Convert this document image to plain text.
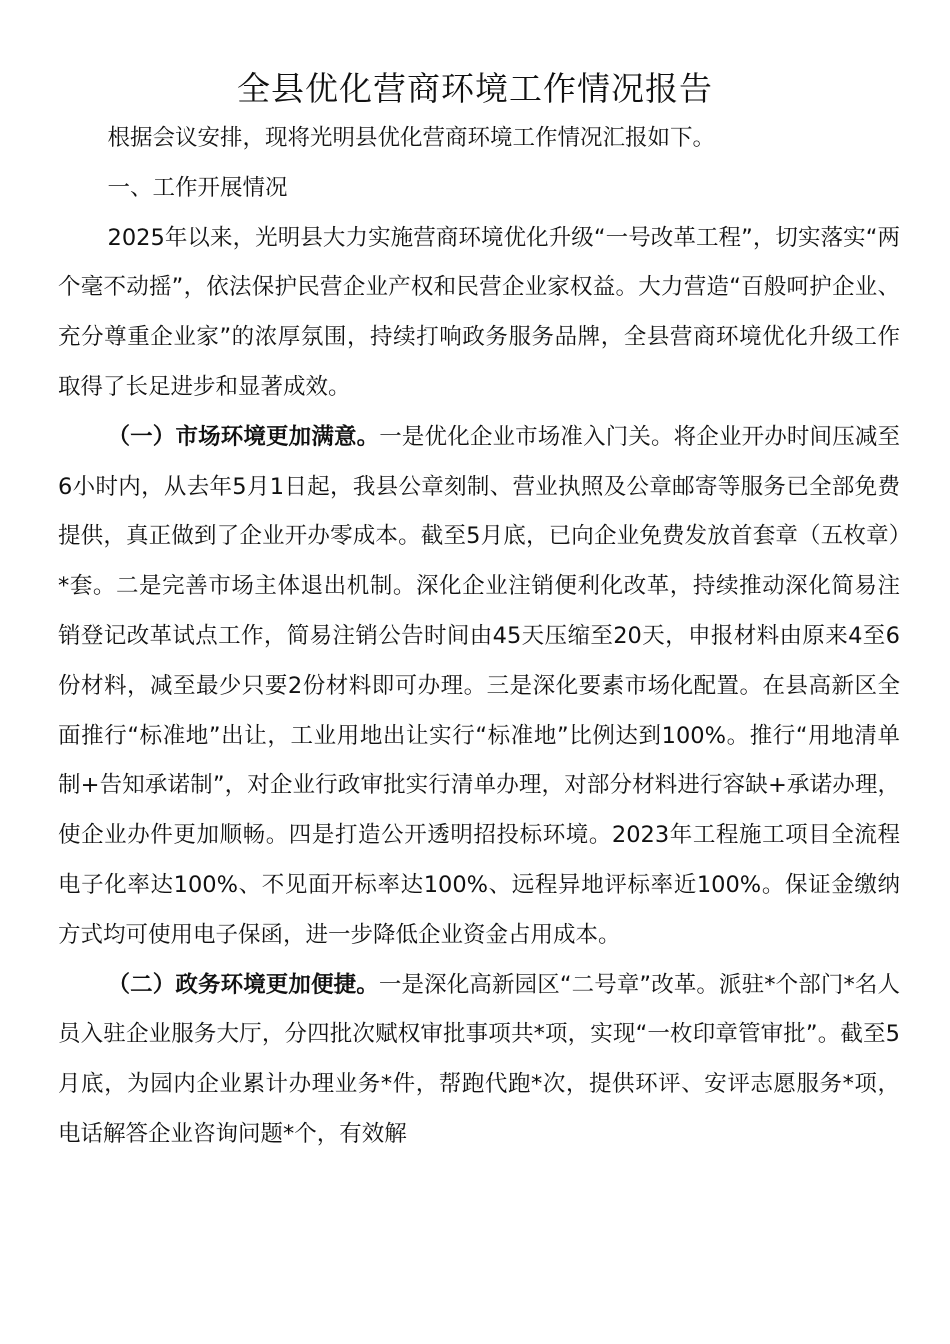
全县优化营商环境工作情况报告

根据会议安排，现将光明县优化营商环境工作情况汇报如下。

一、工作开展情况

2025年以来，光明县大力实施营商环境优化升级“一号改革工程”，切实落实“两个毫不动摇”，依法保护民营企业产权和民营企业家权益。大力营造“百般呵护企业、充分尊重企业家”的浓厚氛围，持续打响政务服务品牌，全县营商环境优化升级工作取得了长足进步和显著成效。

（一）市场环境更加满意。一是优化企业市场准入门关。将企业开办时间压减至6小时内，从去年5月1日起，我县公章刻制、营业执照及公章邮寄等服务已全部免费提供，真正做到了企业开办零成本。截至5月底，已向企业免费发放首套章（五枚章）*套。二是完善市场主体退出机制。深化企业注销便利化改革，持续推动深化简易注销登记改革试点工作，简易注销公告时间由45天压缩至20天，申报材料由原来4至6份材料，减至最少只要2份材料即可办理。三是深化要素市场化配置。在县高新区全面推行“标准地”出让，工业用地出让实行“标准地”比例达到100%。推行“用地清单制+告知承诺制”，对企业行政审批实行清单办理，对部分材料进行容缺+承诺办理，使企业办件更加顺畅。四是打造公开透明招投标环境。2023年工程施工项目全流程电子化率达100%、不见面开标率达100%、远程异地评标率近100%。保证金缴纳方式均可使用电子保函，进一步降低企业资金占用成本。

（二）政务环境更加便捷。一是深化高新园区“二号章”改革。派驻*个部门*名人员入驻企业服务大厅，分四批次赋权审批事项共*项，实现“一枚印章管审批”。截至5月底，为园内企业累计办理业务*件，帮跑代跑*次，提供环评、安评志愿服务*项，电话解答企业咨询问题*个，有效解
